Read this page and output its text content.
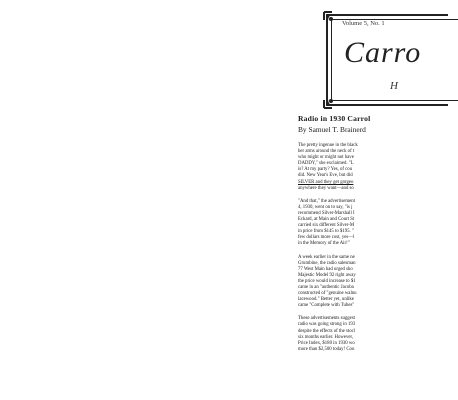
Volume 5, No. 1
Carro
H
Radio in 1930 Carrol
By Samuel T. Brainerd

The pretty ingenue in the black
her arms around the neck of t
who might or might not have
DADDY," she exclaimed. "L
is? At my party? Yes, of cou
did. New Year's Eve, but did
SILVER and they get gorgeo
anywhere they want—and so

"And that," the advertisement
4, 1930, went on to say, "is j
recommend Silver-Marshall I
Eckard, at Main and Court St
carried six different Silver-M
in price from $145 to $195. "
few dollars more cost, yes—l
in the Memory of the Air!"

A week earlier in the same ne
Grumbine, the radio salesman
77 West Main had urged sho
Majestic Model 92 right away
the price would increase to $1
came in an "authentic Jacoba
constructed of "genuine walnu
lacewood." Better yet, unlike
came "Complete with Tubes"

These advertisements suggest
radio was going strong in 193
despite the effects of the stocl
six months earlier. However,
Price Index, $180 in 1930 wo
more than $2,500 today! Cou
